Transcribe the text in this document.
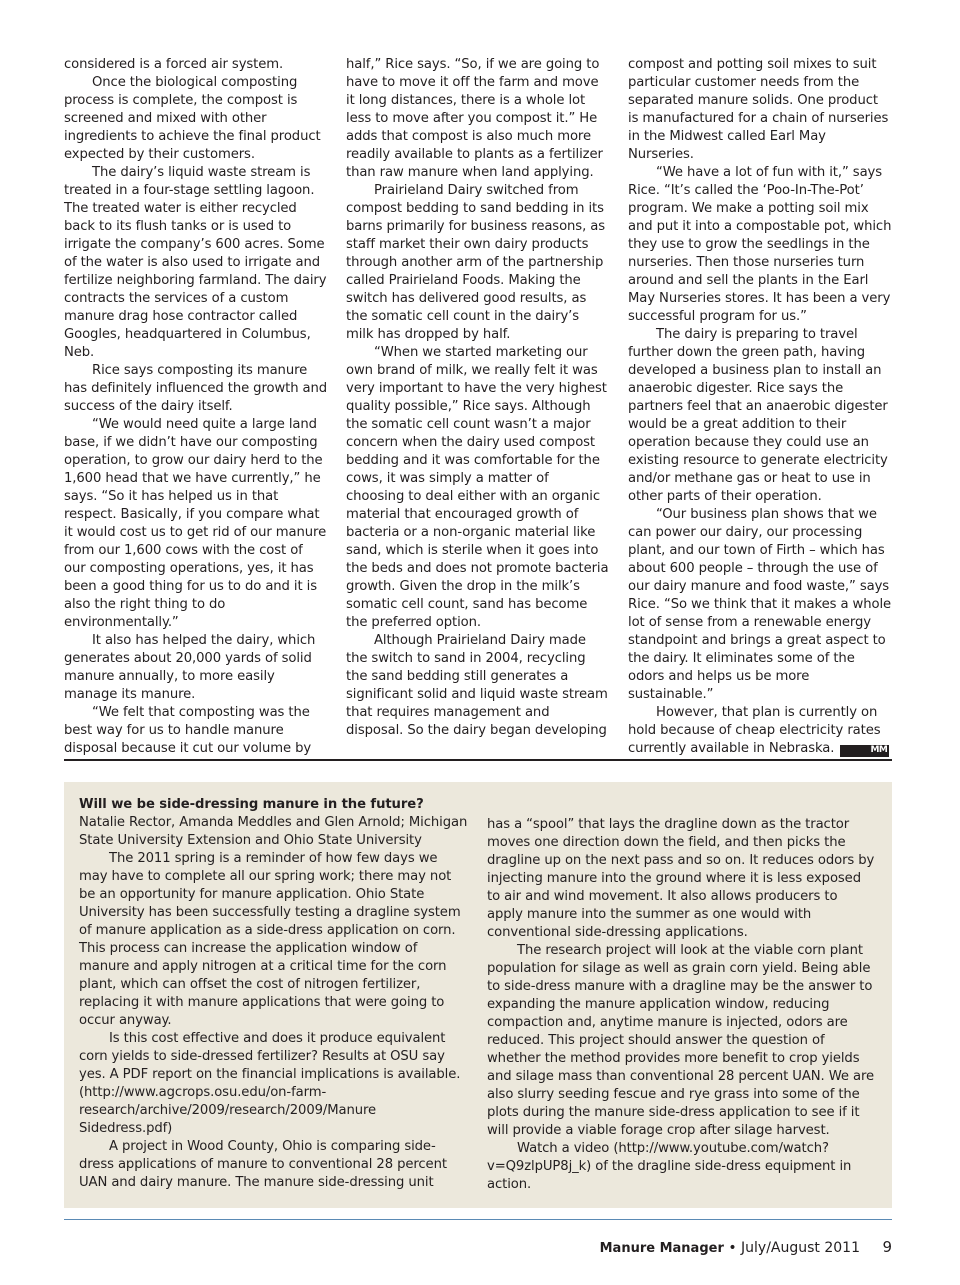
considered is a forced air system.

Once the biological composting process is complete, the compost is screened and mixed with other ingredients to achieve the final product expected by their customers.

The dairy’s liquid waste stream is treated in a four-stage settling lagoon. The treated water is either recycled back to its flush tanks or is used to irrigate the company’s 600 acres. Some of the water is also used to irrigate and fertilize neighboring farmland. The dairy contracts the services of a custom manure drag hose contractor called Googles, headquartered in Columbus, Neb.

Rice says composting its manure has definitely influenced the growth and success of the dairy itself.

“We would need quite a large land base, if we didn’t have our composting operation, to grow our dairy herd to the 1,600 head that we have currently,” he says. “So it has helped us in that respect. Basically, if you compare what it would cost us to get rid of our manure from our 1,600 cows with the cost of our composting operations, yes, it has been a good thing for us to do and it is also the right thing to do environmentally.”

It also has helped the dairy, which generates about 20,000 yards of solid manure annually, to more easily manage its manure.

“We felt that composting was the best way for us to handle manure disposal because it cut our volume by

half,” Rice says. “So, if we are going to have to move it off the farm and move it long distances, there is a whole lot less to move after you compost it.” He adds that compost is also much more readily available to plants as a fertilizer than raw manure when land applying.

Prairieland Dairy switched from compost bedding to sand bedding in its barns primarily for business reasons, as staff market their own dairy products through another arm of the partnership called Prairieland Foods. Making the switch has delivered good results, as the somatic cell count in the dairy’s milk has dropped by half.

“When we started marketing our own brand of milk, we really felt it was very important to have the very highest quality possible,” Rice says. Although the somatic cell count wasn’t a major concern when the dairy used compost bedding and it was comfortable for the cows, it was simply a matter of choosing to deal either with an organic material that encouraged growth of bacteria or a non-organic material like sand, which is sterile when it goes into the beds and does not promote bacteria growth. Given the drop in the milk’s somatic cell count, sand has become the preferred option.

Although Prairieland Dairy made the switch to sand in 2004, recycling the sand bedding still generates a significant solid and liquid waste stream that requires management and disposal. So the dairy began developing

compost and potting soil mixes to suit particular customer needs from the separated manure solids. One product is manufactured for a chain of nurseries in the Midwest called Earl May Nurseries.

“We have a lot of fun with it,” says Rice. “It’s called the ‘Poo-In-The-Pot’ program. We make a potting soil mix and put it into a compostable pot, which they use to grow the seedlings in the nurseries. Then those nurseries turn around and sell the plants in the Earl May Nurseries stores. It has been a very successful program for us.”

The dairy is preparing to travel further down the green path, having developed a business plan to install an anaerobic digester. Rice says the partners feel that an anaerobic digester would be a great addition to their operation because they could use an existing resource to generate electricity and/or methane gas or heat to use in other parts of their operation.

“Our business plan shows that we can power our dairy, our processing plant, and our town of Firth – which has about 600 people – through the use of our dairy manure and food waste,” says Rice. “So we think that it makes a whole lot of sense from a renewable energy standpoint and brings a great aspect to the dairy. It eliminates some of the odors and helps us be more sustainable.”

However, that plan is currently on hold because of cheap electricity rates currently available in Nebraska.	MM

Will we be side-dressing manure in the future?

Natalie Rector, Amanda Meddles and Glen Arnold; Michigan State University Extension and Ohio State University

The 2011 spring is a reminder of how few days we may have to complete all our spring work; there may not be an opportunity for manure application. Ohio State University has been successfully testing a dragline system of manure application as a side-dress application on corn. This process can increase the application window of manure and apply nitrogen at a critical time for the corn plant, which can offset the cost of nitrogen fertilizer, replacing it with manure applications that were going to occur anyway.

Is this cost effective and does it produce equivalent corn yields to side-dressed fertilizer? Results at OSU say yes. A PDF report on the financial implications is available. (http://www.agcrops.osu.edu/on-farm-research/archive/2009/research/2009/Manure Sidedress.pdf)

A project in Wood County, Ohio is comparing side-dress applications of manure to conventional 28 percent UAN and dairy manure. The manure side-dressing unit

has a “spool” that lays the dragline down as the tractor moves one direction down the field, and then picks the dragline up on the next pass and so on. It reduces odors by injecting manure into the ground where it is less exposed to air and wind movement. It also allows producers to apply manure into the summer as one would with conventional side-dressing applications.

The research project will look at the viable corn plant population for silage as well as grain corn yield. Being able to side-dress manure with a dragline may be the answer to expanding the manure application window, reducing compaction and, anytime manure is injected, odors are reduced. This project should answer the question of whether the method provides more benefit to crop yields and silage mass than conventional 28 percent UAN. We are also slurry seeding fescue and rye grass into some of the plots during the manure side-dress application to see if it will provide a viable forage crop after silage harvest.

Watch a video (http://www.youtube.com/watch?v=Q9zlpUP8j_k) of the dragline side-dress equipment in action.

Manure Manager • July/August 2011 9
